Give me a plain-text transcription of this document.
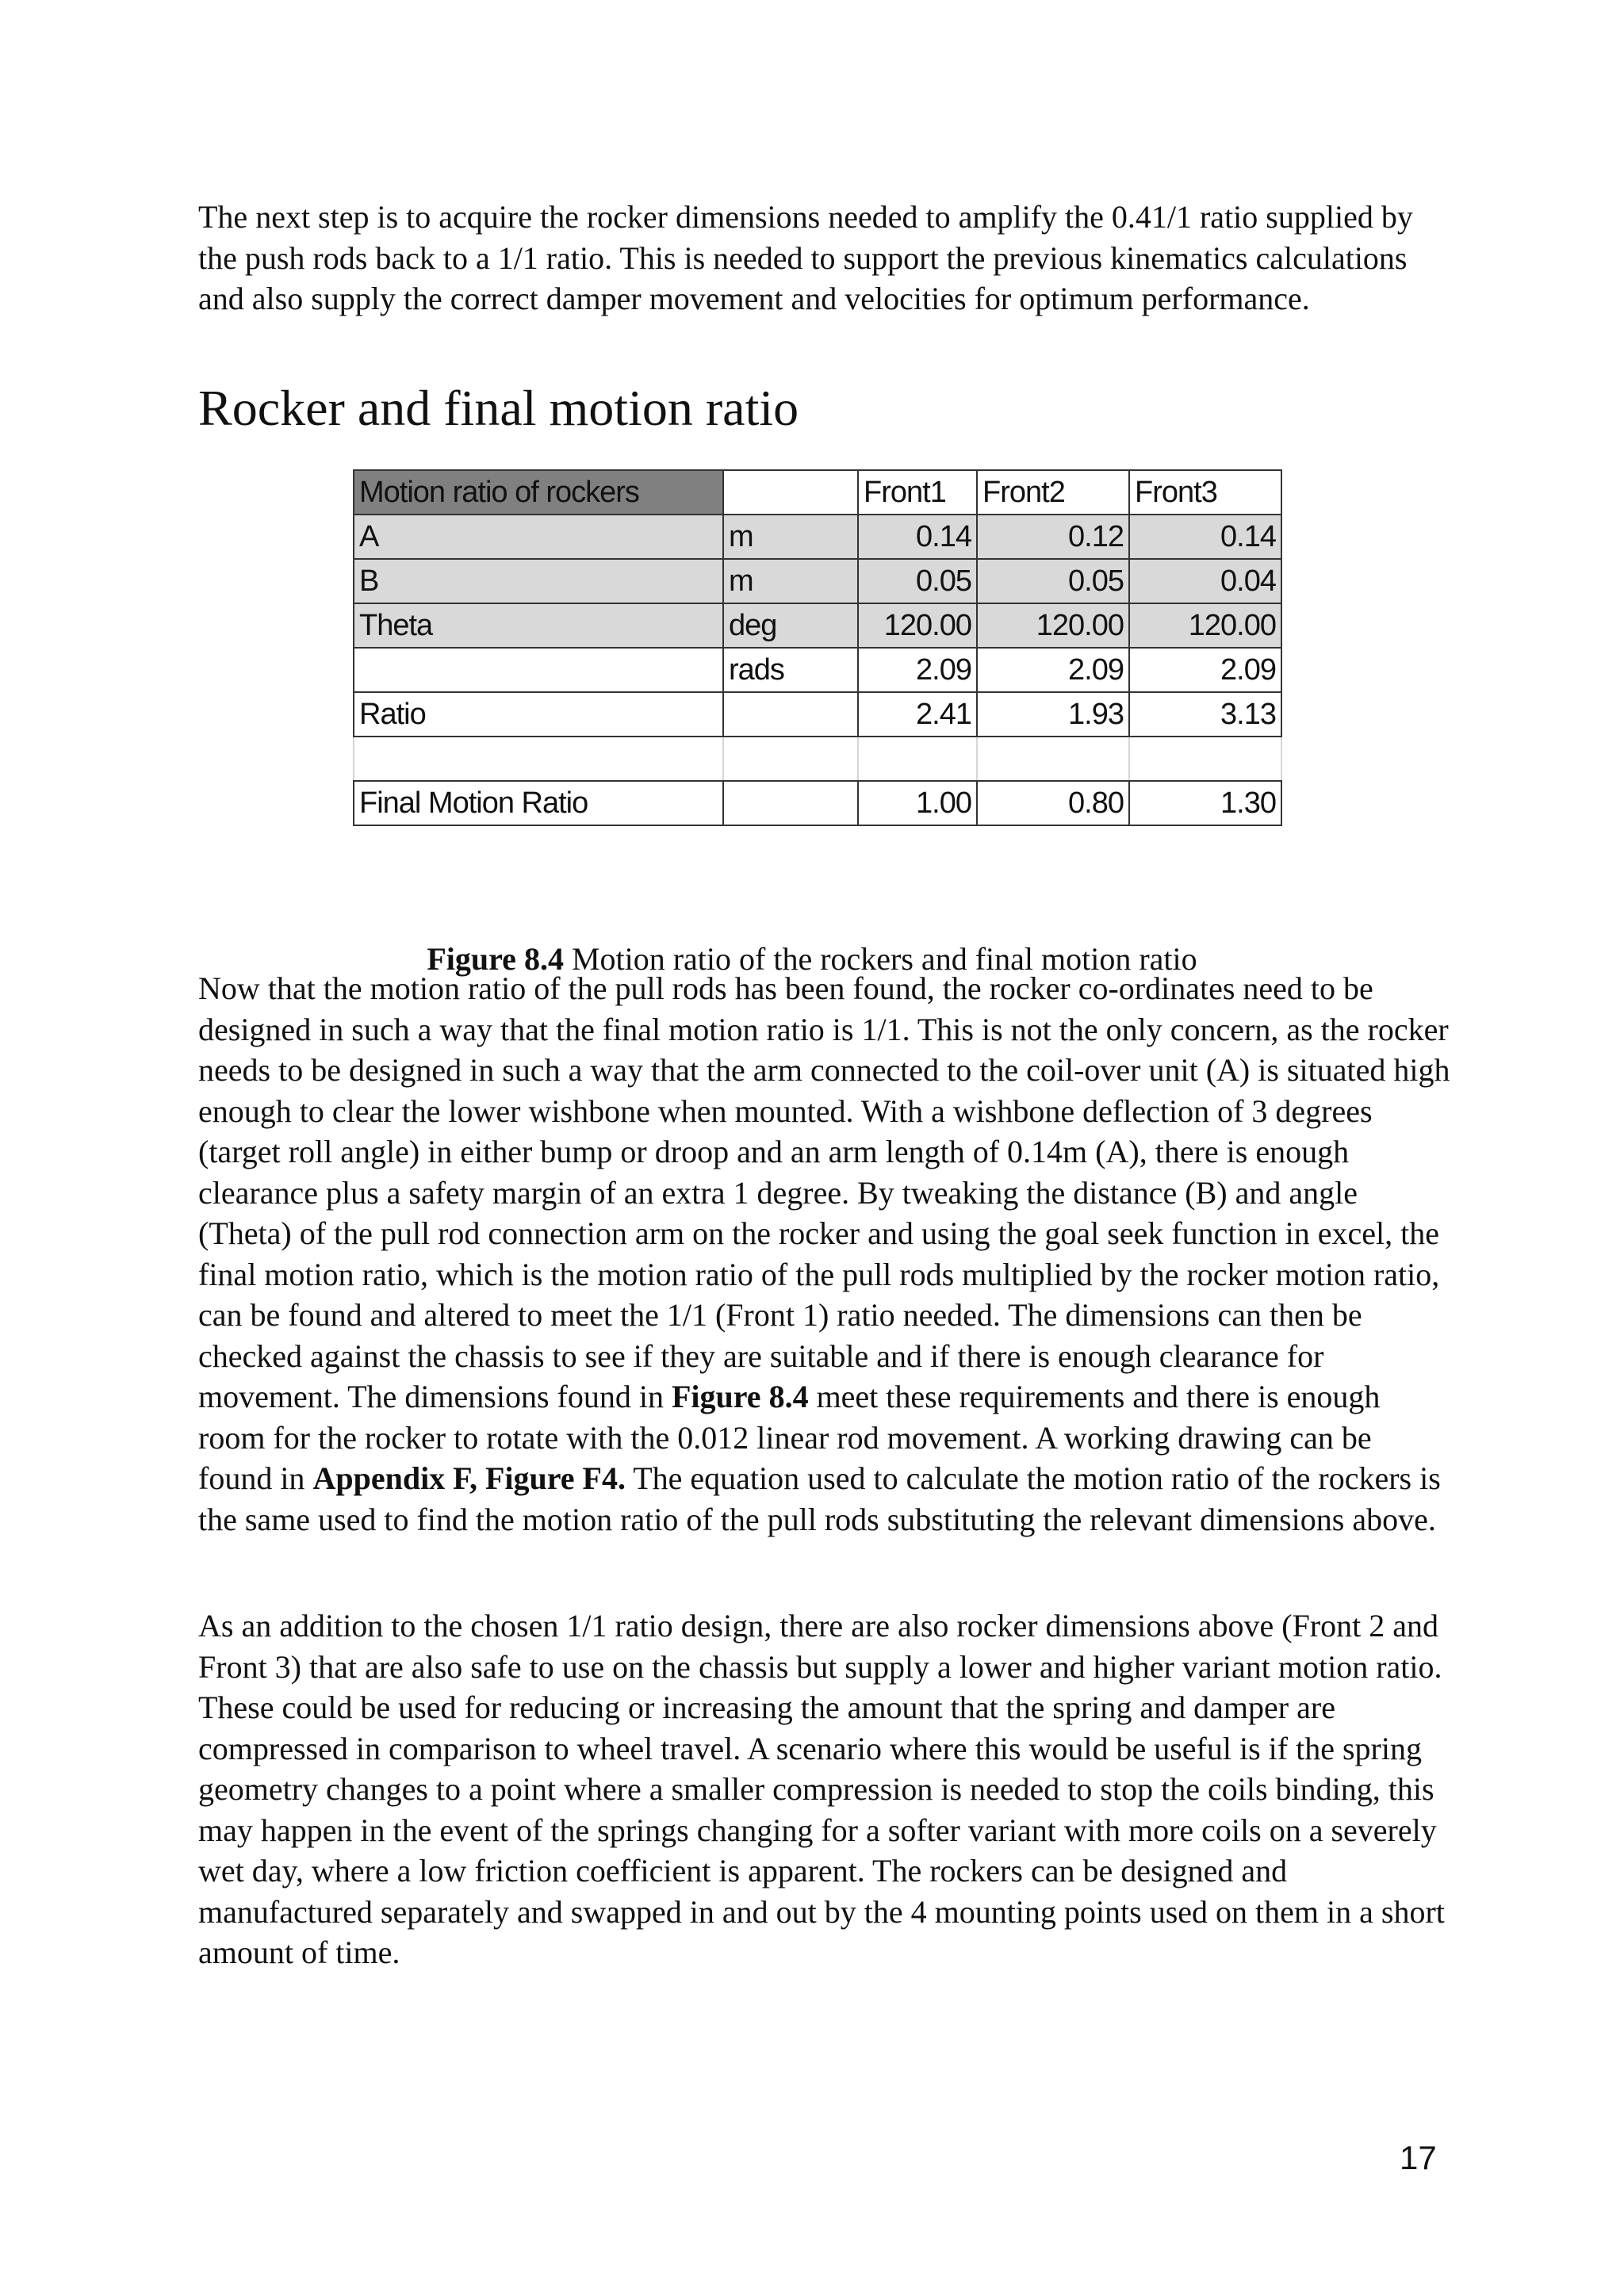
The next step is to acquire the rocker dimensions needed to amplify the 0.41/1 ratio supplied by the push rods back to a 1/1 ratio. This is needed to support the previous kinematics calculations and also supply the correct damper movement and velocities for optimum performance.

Rocker and final motion ratio
Motion ratio of rockers		Front1	Front2	Front3
A	m	0.14	0.12	0.14
B	m	0.05	0.05	0.04
Theta	deg	120.00	120.00	120.00
	rads	2.09	2.09	2.09
Ratio		2.41	1.93	3.13

Final Motion Ratio		1.00	0.80	1.30

Figure 8.4 Motion ratio of the rockers and final motion ratio

Now that the motion ratio of the pull rods has been found, the rocker co-ordinates need to be designed in such a way that the final motion ratio is 1/1. This is not the only concern, as the rocker needs to be designed in such a way that the arm connected to the coil-over unit (A) is situated high enough to clear the lower wishbone when mounted. With a wishbone deflection of 3 degrees (target roll angle) in either bump or droop and an arm length of 0.14m (A), there is enough clearance plus a safety margin of an extra 1 degree. By tweaking the distance (B) and angle (Theta) of the pull rod connection arm on the rocker and using the goal seek function in excel, the final motion ratio, which is the motion ratio of the pull rods multiplied by the rocker motion ratio, can be found and altered to meet the 1/1 (Front 1) ratio needed. The dimensions can then be checked against the chassis to see if they are suitable and if there is enough clearance for movement. The dimensions found in Figure 8.4 meet these requirements and there is enough room for the rocker to rotate with the 0.012 linear rod movement. A working drawing can be found in Appendix F, Figure F4. The equation used to calculate the motion ratio of the rockers is the same used to find the motion ratio of the pull rods substituting the relevant dimensions above.

As an addition to the chosen 1/1 ratio design, there are also rocker dimensions above (Front 2 and Front 3) that are also safe to use on the chassis but supply a lower and higher variant motion ratio. These could be used for reducing or increasing the amount that the spring and damper are compressed in comparison to wheel travel. A scenario where this would be useful is if the spring geometry changes to a point where a smaller compression is needed to stop the coils binding, this may happen in the event of the springs changing for a softer variant with more coils on a severely wet day, where a low friction coefficient is apparent. The rockers can be designed and manufactured separately and swapped in and out by the 4 mounting points used on them in a short amount of time.

17
